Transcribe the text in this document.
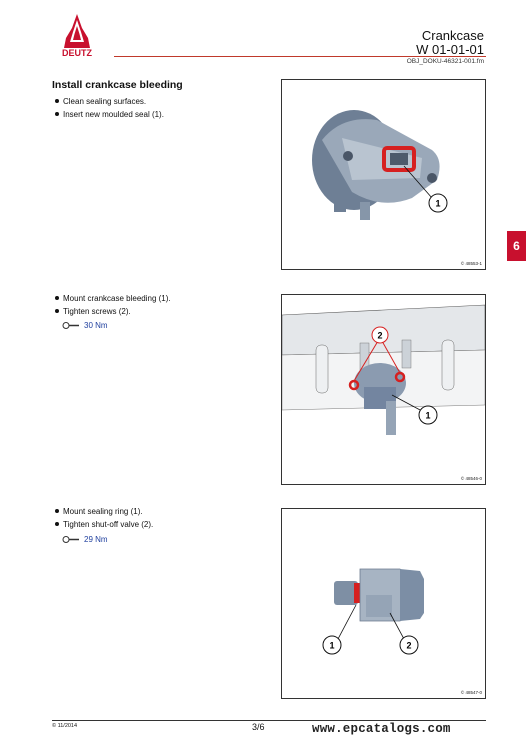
DEUTZ
Crankcase
W 01-01-01
OBJ_DOKU-46321-001.fm
6
Install crankcase bleeding
Clean sealing surfaces.
Insert new moulded seal (1).
1
© 48553-1
Mount crankcase bleeding (1).
Tighten screws (2).
30 Nm
2
1
© 48546-0
Mount sealing ring (1).
Tighten shut-off valve (2).
29 Nm
1	2
© 48547-0
© 11/2014	3/6	www.epcatalogs.com
